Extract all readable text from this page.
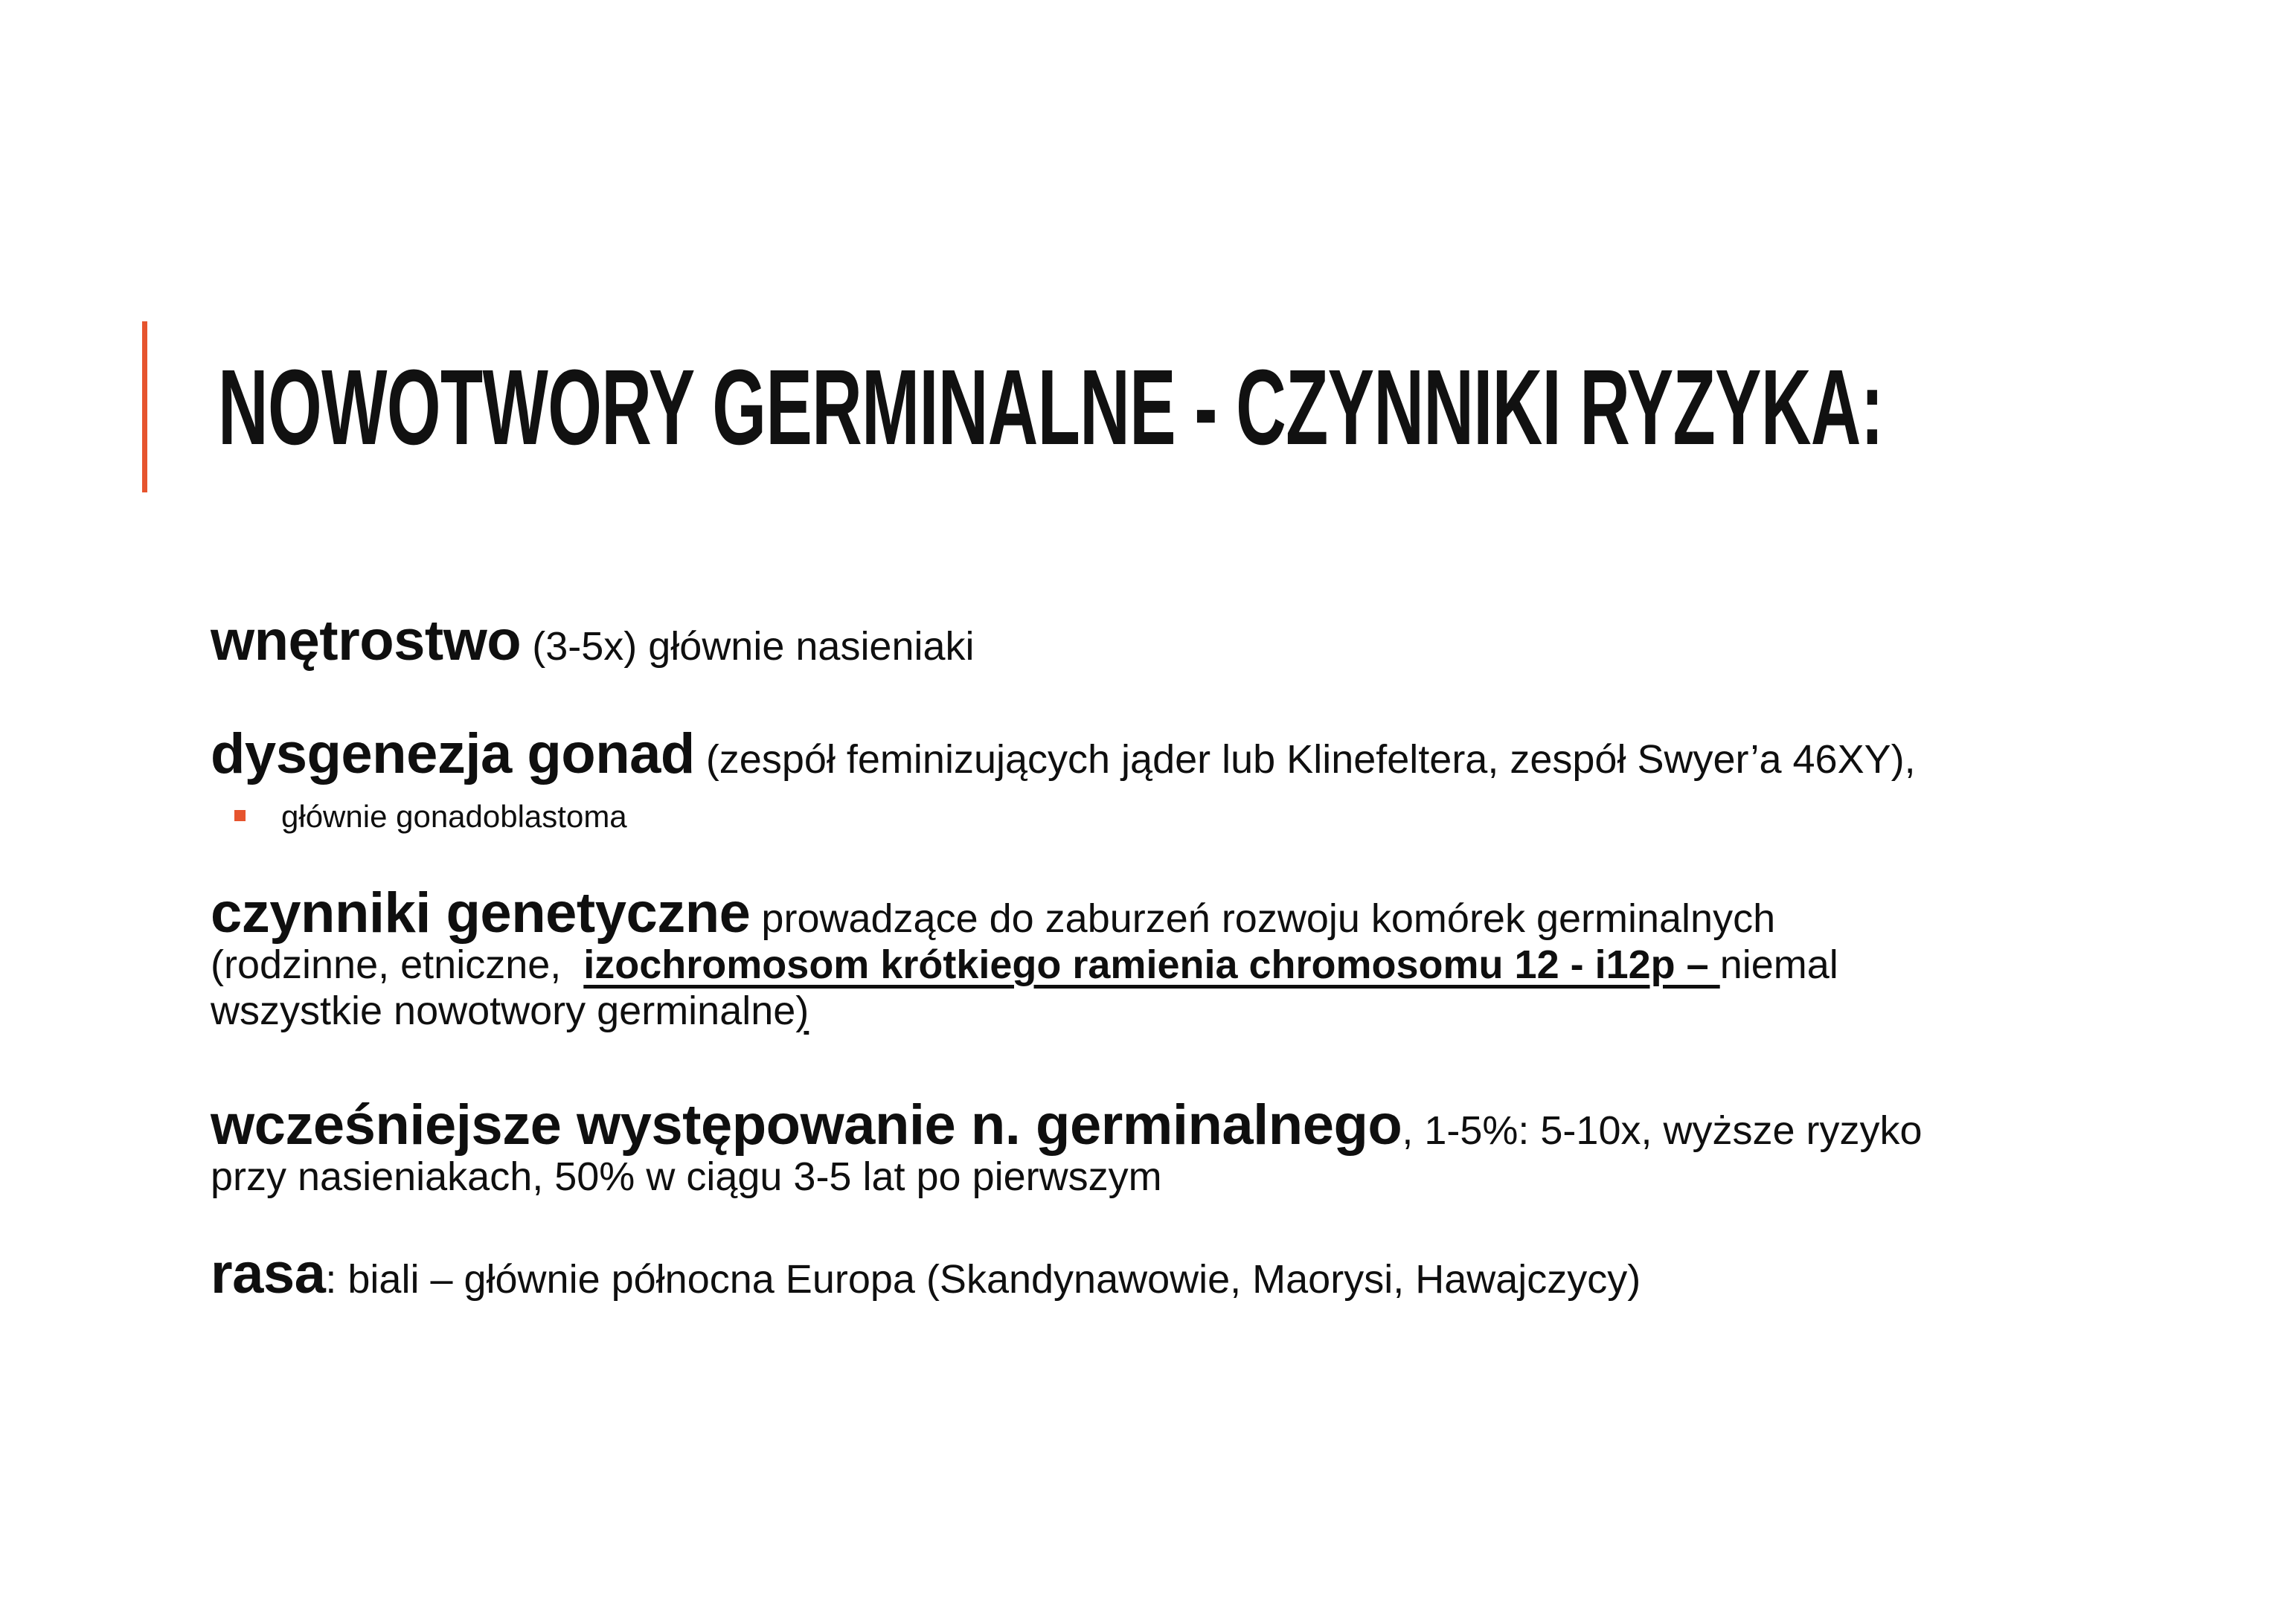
NOWOTWORY GERMINALNE - CZYNNIKI RYZYKA:

wnętrostwo (3-5x) głównie nasieniaki

dysgenezja gonad (zespół feminizujących jąder lub Klinefeltera, zespół Swyer’a 46XY),

głównie gonadoblastoma
czynniki genetyczne prowadzące do zaburzeń rozwoju komórek germinalnych
(rodzinne, etniczne,  izochromosom krótkiego ramienia chromosomu 12 - i12p – niemal
wszystkie nowotwory germinalne)
wcześniejsze występowanie n. germinalnego, 1-5%: 5-10x, wyższe ryzyko
przy nasieniakach, 50% w ciągu 3-5 lat po pierwszym

rasa: biali – głównie północna Europa (Skandynawowie, Maorysi, Hawajczycy)
